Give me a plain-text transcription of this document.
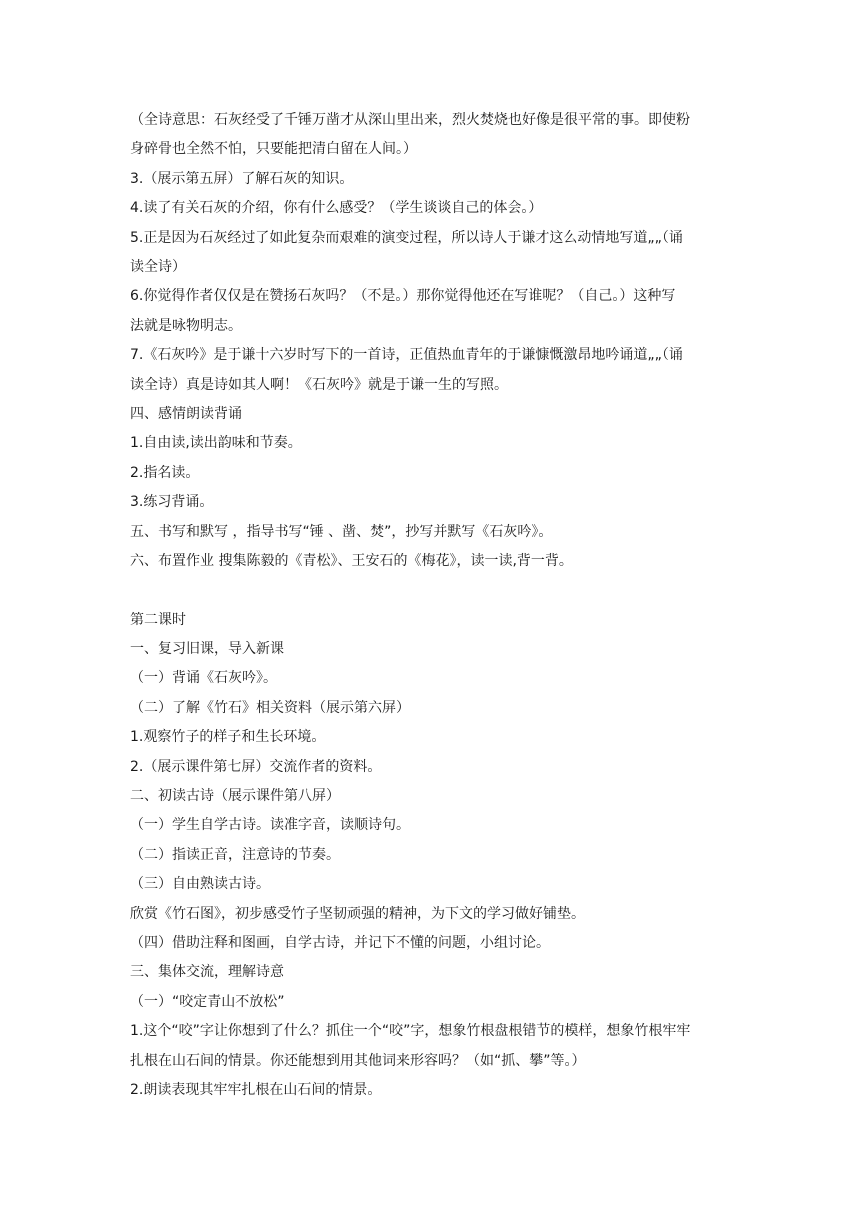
（全诗意思：石灰经受了千锤万凿才从深山里出来，烈火焚烧也好像是很平常的事。即使粉

身碎骨也全然不怕，只要能把清白留在人间。）

3.（展示第五屏）了解石灰的知识。

4.读了有关石灰的介绍，你有什么感受？（学生谈谈自己的体会。）

5.正是因为石灰经过了如此复杂而艰难的演变过程，所以诗人于谦才这么动情地写道„„（诵

读全诗）

6.你觉得作者仅仅是在赞扬石灰吗？（不是。）那你觉得他还在写谁呢？（自己。）这种写

法就是咏物明志。

7.《石灰吟》是于谦十六岁时写下的一首诗，正值热血青年的于谦慷慨激昂地吟诵道„„（诵

读全诗）真是诗如其人啊！《石灰吟》就是于谦一生的写照。

四、感情朗读背诵

1.自由读,读出韵味和节奏。

2.指名读。

3.练习背诵。

五、书写和默写 ，指导书写“锤 、凿、焚”，抄写并默写《石灰吟》。

六、布置作业 搜集陈毅的《青松》、王安石的《梅花》，读一读,背一背。

第二课时

一、复习旧课，导入新课

（一）背诵《石灰吟》。

（二）了解《竹石》相关资料（展示第六屏）

1.观察竹子的样子和生长环境。

2.（展示课件第七屏）交流作者的资料。

二、初读古诗（展示课件第八屏）

（一）学生自学古诗。读准字音，读顺诗句。

（二）指读正音，注意诗的节奏。

（三）自由熟读古诗。

欣赏《竹石图》，初步感受竹子坚韧顽强的精神，为下文的学习做好铺垫。

（四）借助注释和图画，自学古诗，并记下不懂的问题，小组讨论。

三、集体交流，理解诗意

（一）“咬定青山不放松”

1.这个“咬”字让你想到了什么？抓住一个“咬”字，想象竹根盘根错节的模样，想象竹根牢牢

扎根在山石间的情景。你还能想到用其他词来形容吗？（如“抓、攀”等。）

2.朗读表现其牢牢扎根在山石间的情景。
